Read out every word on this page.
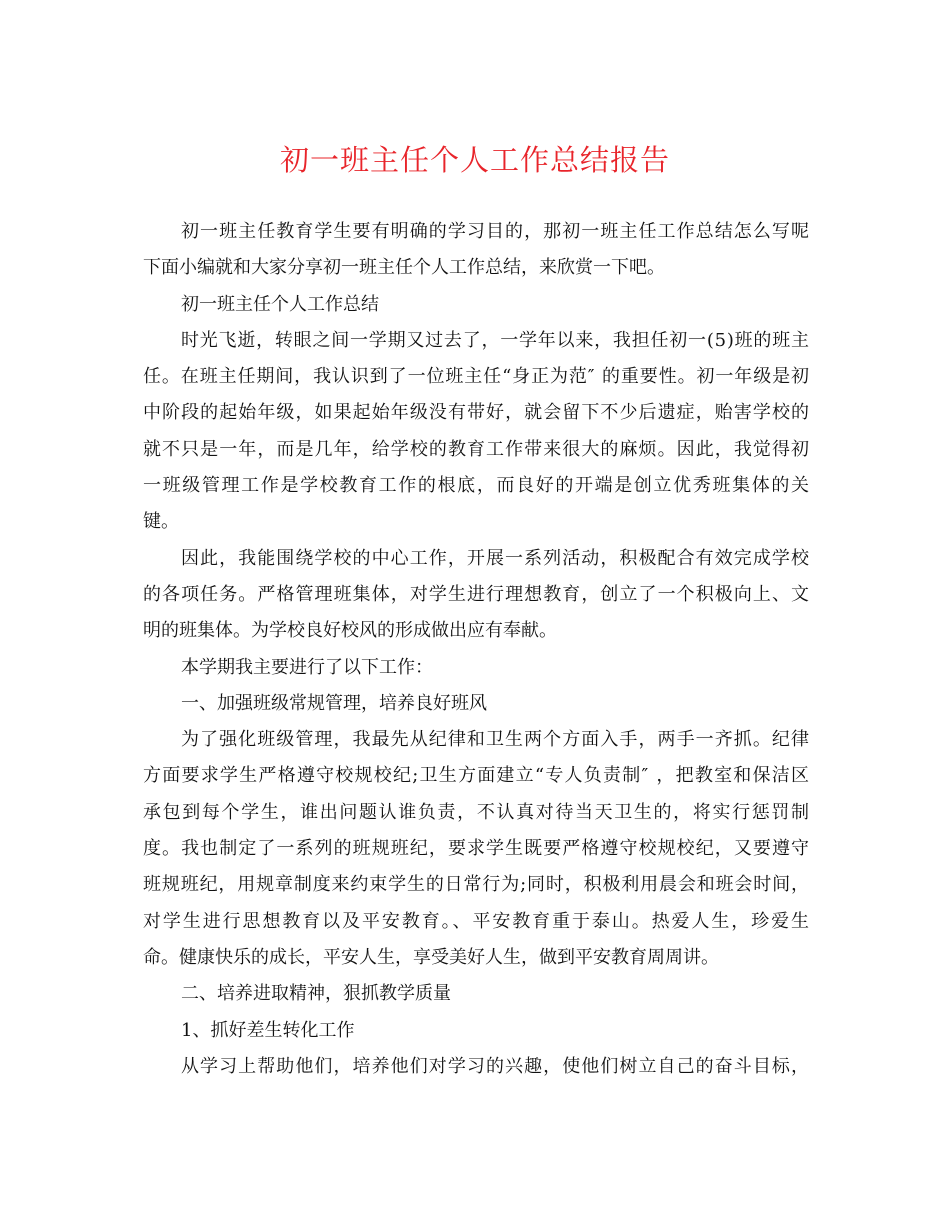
初一班主任个人工作总结报告
初一班主任教育学生要有明确的学习目的，那初一班主任工作总结怎么写呢
下面小编就和大家分享初一班主任个人工作总结，来欣赏一下吧。
初一班主任个人工作总结
时光飞逝，转眼之间一学期又过去了，一学年以来，我担任初一(5)班的班主
任。在班主任期间，我认识到了一位班主任“身正为范″ 的重要性。初一年级是初
中阶段的起始年级，如果起始年级没有带好，就会留下不少后遗症，贻害学校的
就不只是一年，而是几年，给学校的教育工作带来很大的麻烦。因此，我觉得初
一班级管理工作是学校教育工作的根底，而良好的开端是创立优秀班集体的关
键。
因此，我能围绕学校的中心工作，开展一系列活动，积极配合有效完成学校
的各项任务。严格管理班集体，对学生进行理想教育，创立了一个积极向上、文
明的班集体。为学校良好校风的形成做出应有奉献。
本学期我主要进行了以下工作：
一、加强班级常规管理，培养良好班风
为了强化班级管理，我最先从纪律和卫生两个方面入手，两手一齐抓。纪律
方面要求学生严格遵守校规校纪;卫生方面建立“专人负责制″ ，把教室和保洁区
承包到每个学生，谁出问题认谁负责，不认真对待当天卫生的，将实行惩罚制
度。我也制定了一系列的班规班纪，要求学生既要严格遵守校规校纪，又要遵守
班规班纪，用规章制度来约束学生的日常行为;同时，积极利用晨会和班会时间，
对学生进行思想教育以及平安教育。、平安教育重于泰山。热爱人生，珍爱生
命。健康快乐的成长，平安人生，享受美好人生，做到平安教育周周讲。
二、培养进取精神，狠抓教学质量
1、抓好差生转化工作
从学习上帮助他们，培养他们对学习的兴趣，使他们树立自己的奋斗目标，
